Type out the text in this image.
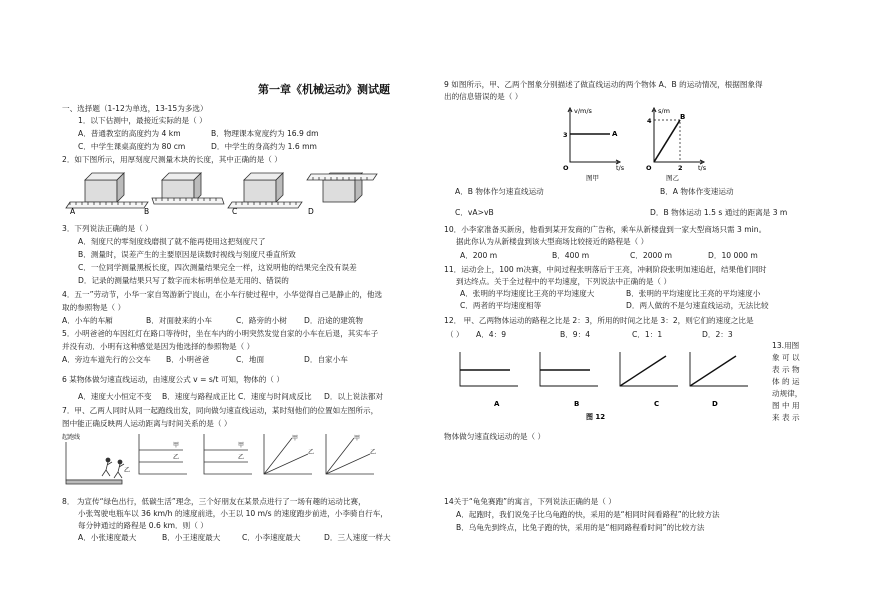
第一章《机械运动》测试题
一、选择题（1-12为单选，13-15为多选）
1．以下估测中，最接近实际的是（ ）
A．普通教室的高度约为 4 km	B．物理课本宽度约为 16.9 dm
C．中学生课桌高度约为 80 cm	D．中学生的身高约为 1.6 mm
2．如下图所示，用厚刻度尺测量木块的长度，其中正确的是（ ）
A	B	C	D
3．下列说法正确的是（ ）
A．刻度尺的零刻度线磨损了就不能再使用这把刻度尺了
B．测量时，误差产生的主要原因是读数时视线与刻度尺垂直所致
C．一位同学测量黑板长度，四次测量结果完全一样，这说明他的结果完全没有误差
D．记录的测量结果只写了数字而未标明单位是无用的、错误的
4．五一”劳动节，小华一家自驾游新宁崀山，在小车行驶过程中，小华觉得自己是静止的，他选
取的参照物是（ ）
A．小车的车厢	B．对面驶来的小车	C．路旁的小树 D．沿途的建筑物
5．小明爸爸的车因红灯在路口等待时，坐在车内的小明突然发觉自家的小车在后退，其实车子
并没有动．小明有这种感觉是因为他选择的参照物是（ ）
A．旁边车道先行的公交车 B．小明爸爸	C．地面	D．自家小车
6 某物体做匀速直线运动，由速度公式 v = s/t 可知，物体的（ ）
A．速度大小恒定不变 B．速度与路程成正比 C．速度与时间成反比 D．以上说法都对
7．甲、乙两人同时从同一起跑线出发，同向做匀速直线运动，某时刻他们的位置如左图所示，
图中能正确反映两人运动距离与时间关系的是（ ）
起跑线
乙
甲
乙
甲
乙
甲
乙
甲
乙
8． 为宣传“绿色出行，低碳生活”理念，三个好朋友在某景点进行了一场有趣的运动比赛，
小张驾驶电瓶车以 36 km/h 的速度前进，小王以 10 m/s 的速度跑步前进，小李骑自行车，
每分钟通过的路程是 0.6 km．则（ ）
A．小张速度最大	B．小王速度最大	C．小李速度最大	D．三人速度一样大
9 如图所示，甲、乙两个图象分别描述了做直线运动的两个物体 A、B 的运动情况，根据图象得
出的信息错误的是（ ）
v/m/s
t/s
O
3	A
图甲
s/m
t/s
O
4
2
B
图乙
A．B 物体作匀速直线运动	B．A 物体作变速运动
C．vA>vB	D．B 物体运动 1.5 s 通过的距离是 3 m
10．小李家准备买新房，他看到某开发商的广告称，乘车从新楼盘到一家大型商场只需 3 min。
据此你认为从新楼盘到该大型商场比较接近的路程是（ ）
A．200 m	B．400 m	C．2000 m	D．10 000 m
11．运动会上，100 m决赛，中间过程张明落后于王亮，冲刺阶段张明加速追赶，结果他们同时
到达终点。关于全过程中的平均速度，下列说法中正确的是（ ）
A．张明的平均速度比王亮的平均速度大	B．张明的平均速度比王亮的平均速度小
C．两者的平均速度相等	D．两人做的不是匀速直线运动，无法比较
12． 甲、乙两物体运动的路程之比是 2：3，所用的时间之比是 3：2，则它们的速度之比是
（ ） A．4：9	B．9：4	C．1：1	D．2：3
A	B	C	D
图 12
13.用图
象 可 以
表 示 物
体 的 运
动规律，
图 中 用
来 表 示
物体做匀速直线运动的是（ ）
14关于“龟兔赛跑”的寓言，下列说法正确的是（ ）
A．起跑时，我们说兔子比乌龟跑的快，采用的是“相同时间看路程”的比较方法
B．乌龟先到终点，比兔子跑的快，采用的是“相同路程看时间”的比较方法
